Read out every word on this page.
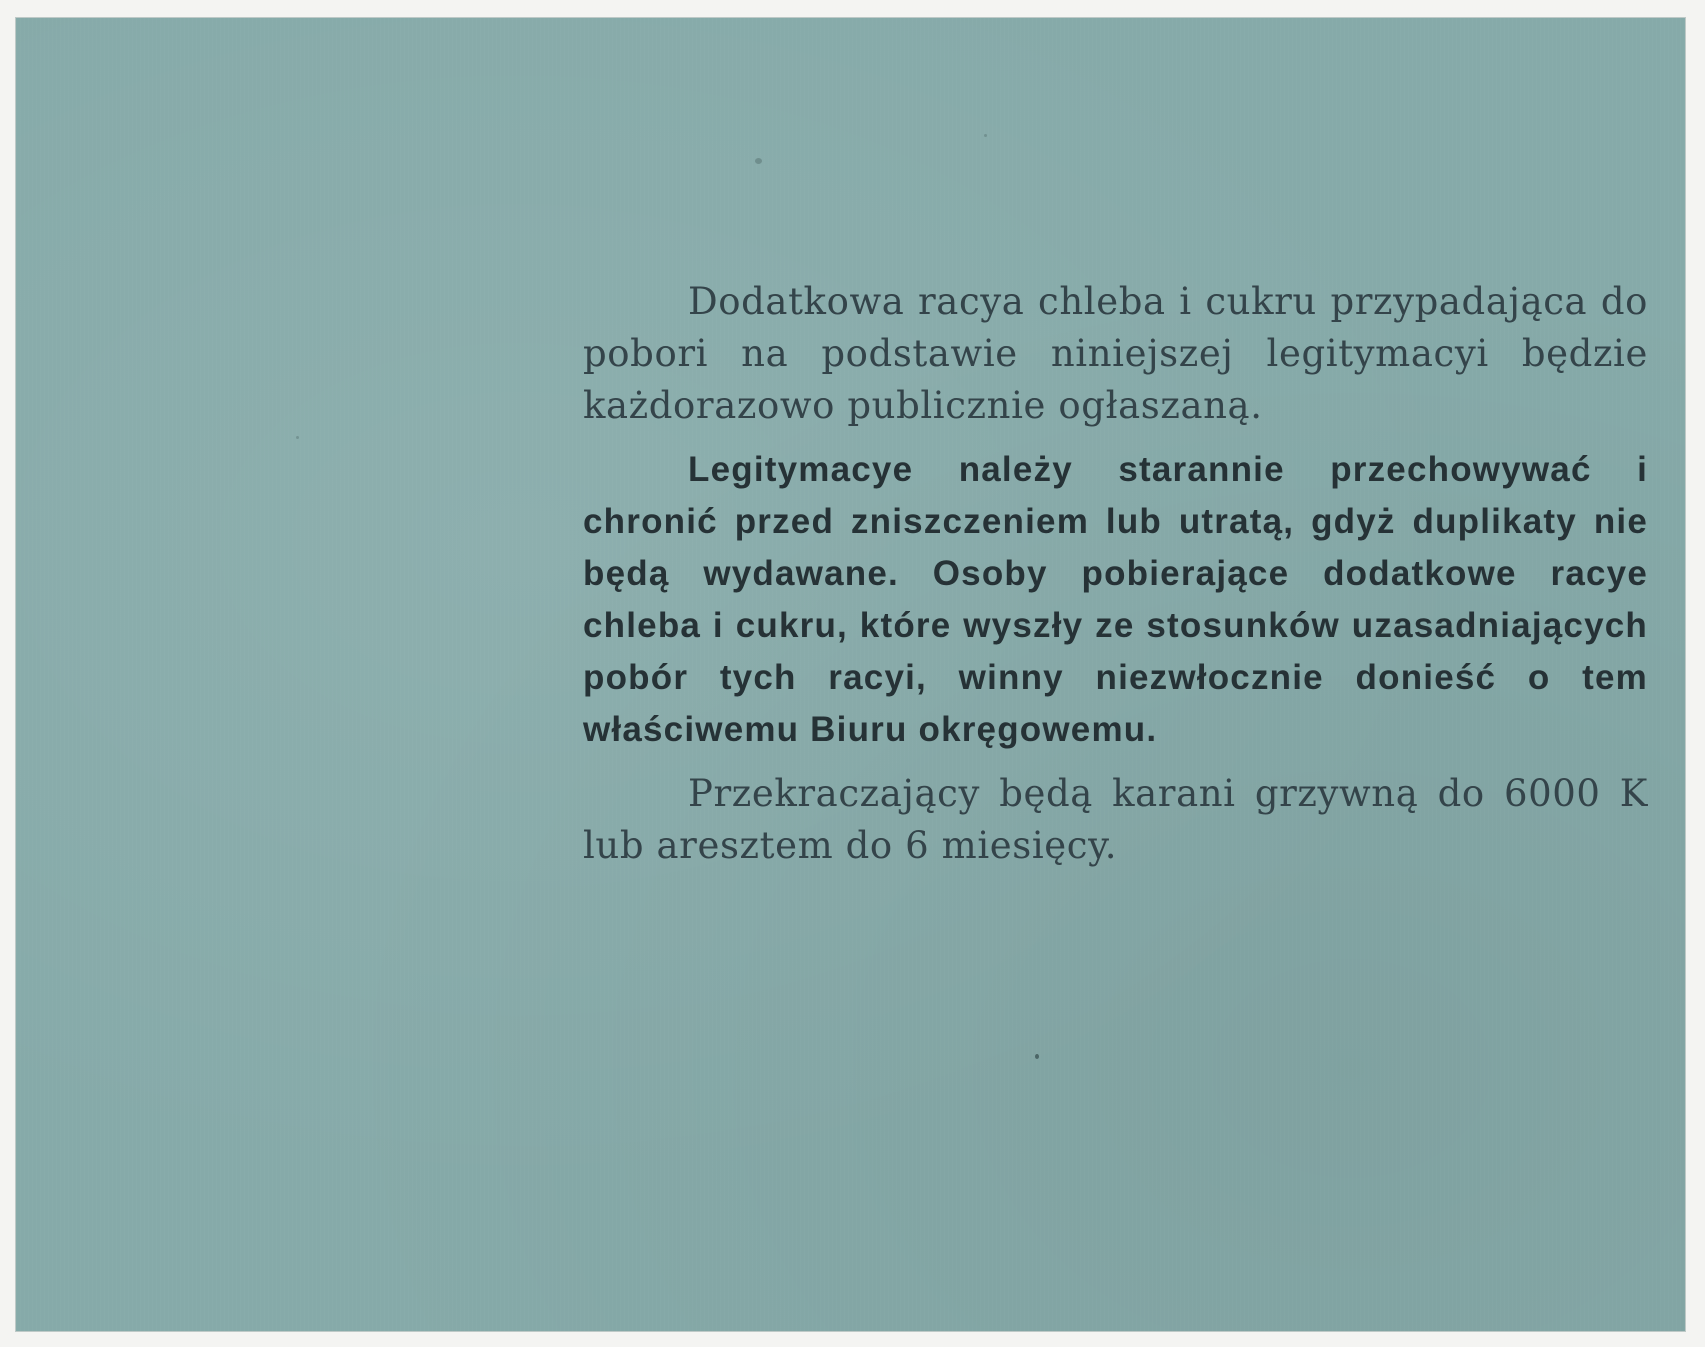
Dodatkowa racya chleba i cukru przypadająca do pobori na podstawie niniejszej legitymacyi będzie każdorazowo publicznie ogłaszaną.

Legitymacye należy starannie przechowywać i chronić przed zniszczeniem lub utratą, gdyż duplikaty nie będą wydawane. Osoby pobierające dodatkowe racye chleba i cukru, które wyszły ze stosunków uzasadniających pobór tych racyi, winny niezwłocznie donieść o tem właściwemu Biuru okręgowemu.

Przekraczający będą karani grzywną do 6000 K lub aresztem do 6 miesięcy.
